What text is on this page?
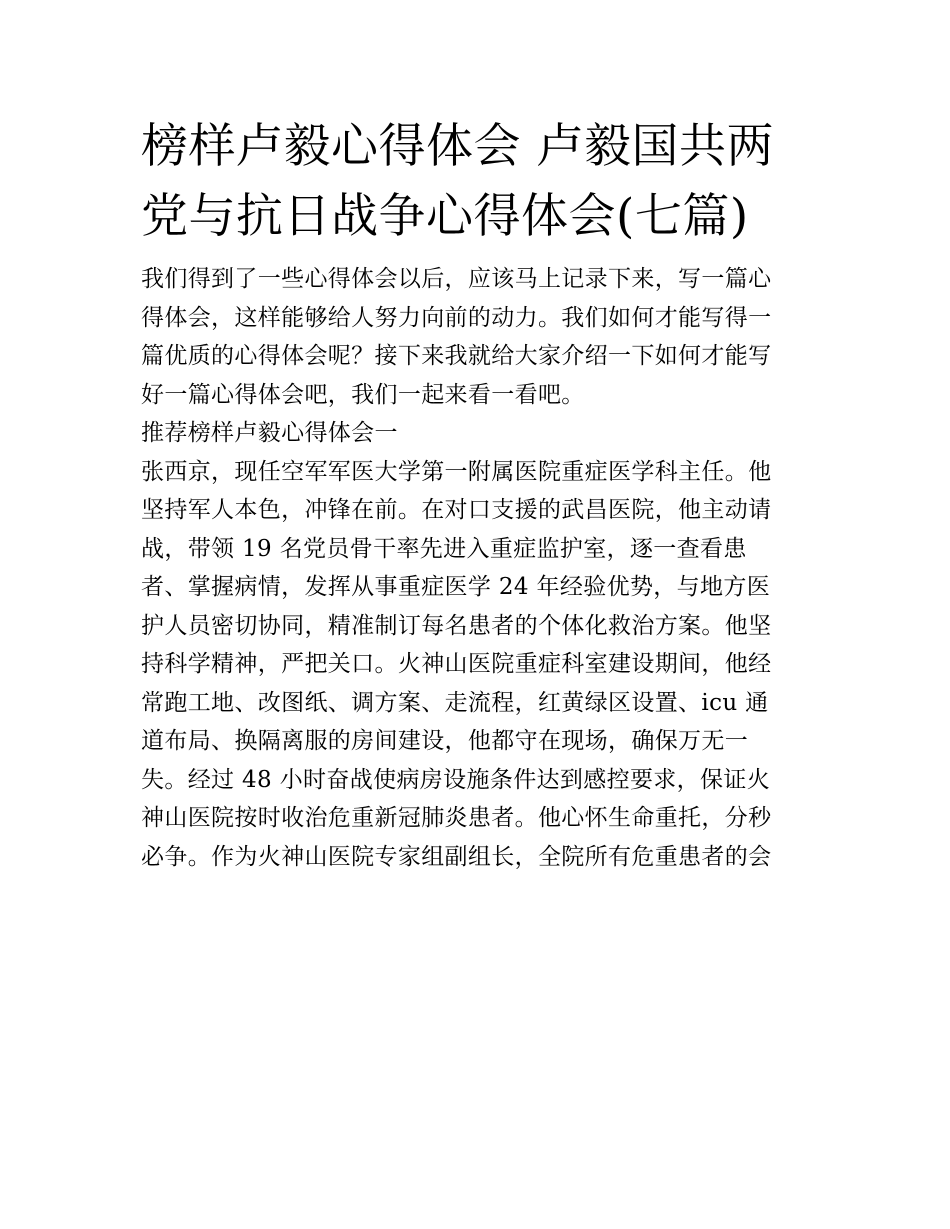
榜样卢毅心得体会 卢毅国共两
党与抗日战争心得体会(七篇)
我们得到了一些心得体会以后，应该马上记录下来，写一篇心
得体会，这样能够给人努力向前的动力。我们如何才能写得一
篇优质的心得体会呢？接下来我就给大家介绍一下如何才能写
好一篇心得体会吧，我们一起来看一看吧。
推荐榜样卢毅心得体会一
张西京，现任空军军医大学第一附属医院重症医学科主任。他
坚持军人本色，冲锋在前。在对口支援的武昌医院，他主动请
战，带领 19 名党员骨干率先进入重症监护室，逐一查看患
者、掌握病情，发挥从事重症医学 24 年经验优势，与地方医
护人员密切协同，精准制订每名患者的个体化救治方案。他坚
持科学精神，严把关口。火神山医院重症科室建设期间，他经
常跑工地、改图纸、调方案、走流程，红黄绿区设置、icu 通
道布局、换隔离服的房间建设，他都守在现场，确保万无一
失。经过 48 小时奋战使病房设施条件达到感控要求，保证火
神山医院按时收治危重新冠肺炎患者。他心怀生命重托，分秒
必争。作为火神山医院专家组副组长，全院所有危重患者的会
